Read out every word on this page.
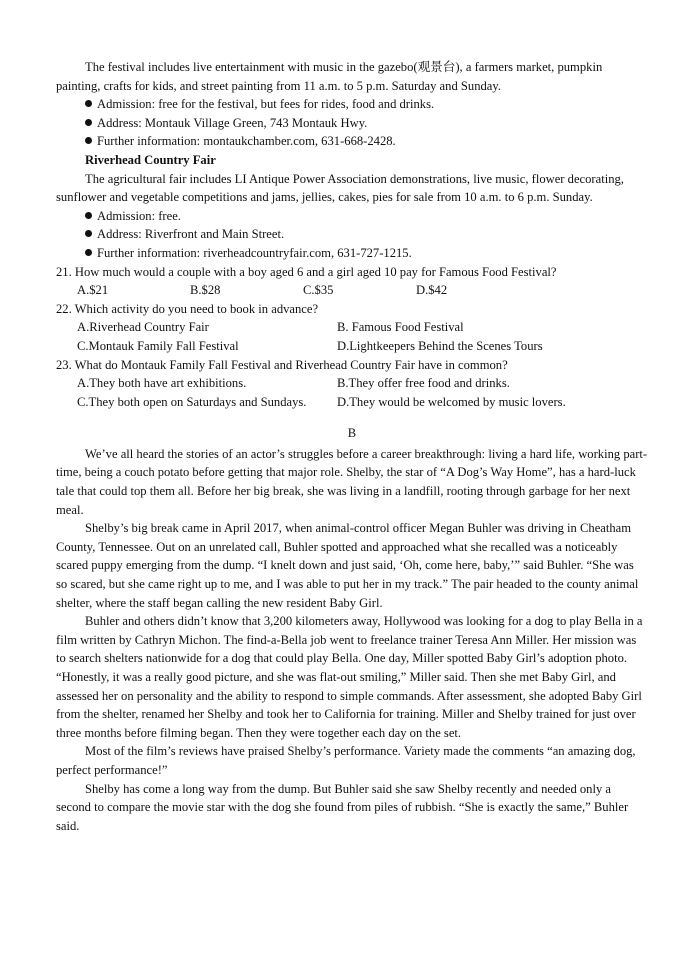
The festival includes live entertainment with music in the gazebo(观景台), a farmers market, pumpkin painting, crafts for kids, and street painting from 11 a.m. to 5 p.m. Saturday and Sunday.

Admission: free for the festival, but fees for rides, food and drinks.

Address: Montauk Village Green, 743 Montauk Hwy.

Further information: montaukchamber.com, 631-668-2428.

Riverhead Country Fair

The agricultural fair includes LI Antique Power Association demonstrations, live music, flower decorating, sunflower and vegetable competitions and jams, jellies, cakes, pies for sale from 10 a.m. to 6 p.m. Sunday.

Admission: free.

Address: Riverfront and Main Street.

Further information: riverheadcountryfair.com, 631-727-1215.

21. How much would a couple with a boy aged 6 and a girl aged 10 pay for Famous Food Festival?

A.$21	B.$28	C.$35	D.$42

22. Which activity do you need to book in advance?

A.Riverhead Country Fair	B. Famous Food Festival
C.Montauk Family Fall Festival	D.Lightkeepers Behind the Scenes Tours

23. What do Montauk Family Fall Festival and Riverhead Country Fair have in common?

A.They both have art exhibitions.	B.They offer free food and drinks.
C.They both open on Saturdays and Sundays.	D.They would be welcomed by music lovers.

B

We’ve all heard the stories of an actor’s struggles before a career breakthrough: living a hard life, working part-time, being a couch potato before getting that major role. Shelby, the star of “A Dog’s Way Home”, has a hard-luck tale that could top them all. Before her big break, she was living in a landfill, rooting through garbage for her next meal.

Shelby’s big break came in April 2017, when animal-control officer Megan Buhler was driving in Cheatham County, Tennessee. Out on an unrelated call, Buhler spotted and approached what she recalled was a noticeably scared puppy emerging from the dump. “I knelt down and just said, ‘Oh, come here, baby,’” said Buhler. “She was so scared, but she came right up to me, and I was able to put her in my track.” The pair headed to the county animal shelter, where the staff began calling the new resident Baby Girl.

Buhler and others didn’t know that 3,200 kilometers away, Hollywood was looking for a dog to play Bella in a film written by Cathryn Michon. The find-a-Bella job went to freelance trainer Teresa Ann Miller. Her mission was to search shelters nationwide for a dog that could play Bella. One day, Miller spotted Baby Girl’s adoption photo. “Honestly, it was a really good picture, and she was flat-out smiling,” Miller said. Then she met Baby Girl, and assessed her on personality and the ability to respond to simple commands. After assessment, she adopted Baby Girl from the shelter, renamed her Shelby and took her to California for training. Miller and Shelby trained for just over three months before filming began. Then they were together each day on the set.

Most of the film’s reviews have praised Shelby’s performance. Variety made the comments “an amazing dog, perfect performance!”

Shelby has come a long way from the dump. But Buhler said she saw Shelby recently and needed only a second to compare the movie star with the dog she found from piles of rubbish. “She is exactly the same,” Buhler said.
